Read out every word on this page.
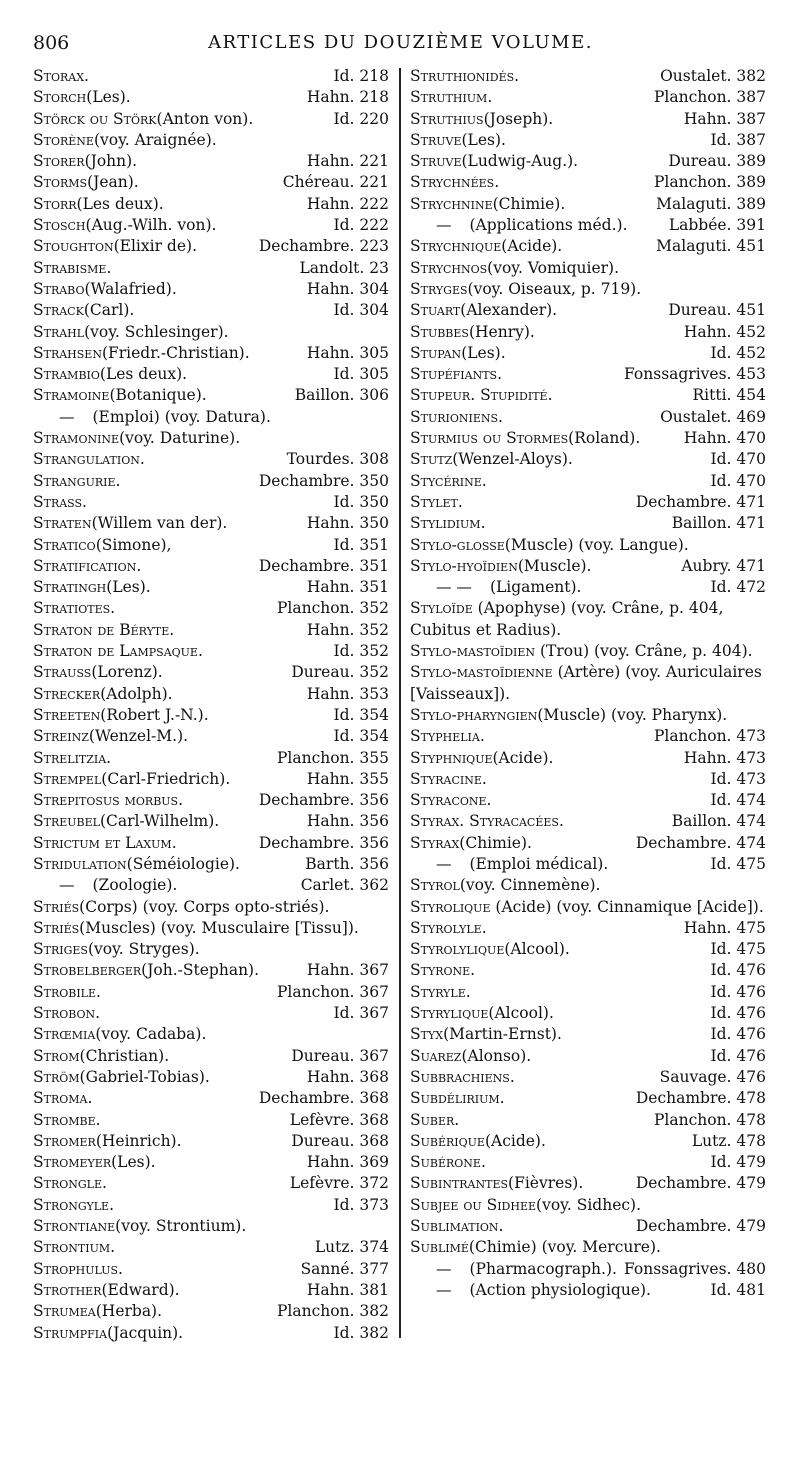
806	ARTICLES DU DOUZIÈME VOLUME.
Storax.	Id. 218
Storch (Les).	Hahn. 218
Störck ou Störk (Anton von).	Id. 220
Storène (voy. Araignée).
Storer (John).	Hahn. 221
Storms (Jean).	Chéreau. 221
Storr (Les deux).	Hahn. 222
Stosch (Aug.-Wilh. von).	Id. 222
Stoughton (Elixir de).	Dechambre. 223
Strabisme.	Landolt. 23
Strabo (Walafried).	Hahn. 304
Strack (Carl).	Id. 304
Strahl (voy. Schlesinger).
Strahsen (Friedr.-Christian).	Hahn. 305
Strambio (Les deux).	Id. 305
Stramoine (Botanique).	Baillon. 306
— (Emploi) (voy. Datura).
Stramonine (voy. Daturine).
Strangulation.	Tourdes. 308
Strangurie.	Dechambre. 350
Strass.	Id. 350
Straten (Willem van der).	Hahn. 350
Stratico (Simone),	Id. 351
Stratification.	Dechambre. 351
Stratingh (Les).	Hahn. 351
Stratiotes.	Planchon. 352
Straton de Bérytе.	Hahn. 352
Straton de Lampsaque.	Id. 352
Strauss (Lorenz).	Dureau. 352
Strecker (Adolph).	Hahn. 353
Streeten (Robert J.-N.).	Id. 354
Streinz (Wenzel-M.).	Id. 354
Strelitzia.	Planchon. 355
Strempel (Carl-Friedrich).	Hahn. 355
Strepitosus morbus.	Dechambre. 356
Streubel (Carl-Wilhelm).	Hahn. 356
Strictum et Laxum.	Dechambre. 356
Stridulation (Séméiologie).	Barth. 356
— (Zoologie).	Carlet. 362
Striés (Corps) (voy. Corps opto-striés).
Striés (Muscles) (voy. Musculaire [Tissu]).
Striges (voy. Stryges).
Strobelberger (Joh.-Stephan).	Hahn. 367
Strobile.	Planchon. 367
Strobon.	Id. 367
Strœmia (voy. Cadaba).
Strom (Christian).	Dureau. 367
Ström (Gabriel-Tobias).	Hahn. 368
Stroma.	Dechambre. 368
Strombe.	Lefèvre. 368
Stromer (Heinrich).	Dureau. 368
Stromeyer (Les).	Hahn. 369
Strongle.	Lefèvre. 372
Strongyle.	Id. 373
Strontiane (voy. Strontium).
Strontium.	Lutz. 374
Strophulus.	Sanné. 377
Strother (Edward).	Hahn. 381
Strumea (Herba).	Planchon. 382
Strumpfia (Jacquin).	Id. 382
Struthionidés.	Oustalet. 382
Struthium.	Planchon. 387
Struthius (Joseph).	Hahn. 387
Struve (Les).	Id. 387
Struve (Ludwig-Aug.).	Dureau. 389
Strychnées.	Planchon. 389
Strychnine (Chimie).	Malaguti. 389
— (Applications méd.).	Labbée. 391
Strychnique (Acide).	Malaguti. 451
Strychnos (voy. Vomiquier).
Stryges (voy. Oiseaux, p. 719).
Stuart (Alexander).	Dureau. 451
Stubbes (Henry).	Hahn. 452
Stupan (Les).	Id. 452
Stupéfiants.	Fonssagrives. 453
Stupeur. Stupidité.	Ritti. 454
Sturioniens.	Oustalet. 469
Sturmius ou Stormes (Roland).	Hahn. 470
Stutz (Wenzel-Aloys).	Id. 470
Stycérine.	Id. 470
Stylet.	Dechambre. 471
Stylidium.	Baillon. 471
Stylo-glosse (Muscle) (voy. Langue).
Stylo-hyoïdien (Muscle).	Aubry. 471
— — (Ligament).	Id. 472
Styloïde (Apophyse) (voy. Crâne, p. 404, Cubitus et Radius).
Stylo-mastoïdien (Trou) (voy. Crâne, p. 404).
Stylo-mastoïdienne (Artère) (voy. Auriculaires [Vaisseaux]).
Stylo-pharyngien (Muscle) (voy. Pharynx).
Styphelia.	Planchon. 473
Styphnique (Acide).	Hahn. 473
Styracine.	Id. 473
Styracone.	Id. 474
Styrax. Styracacées.	Baillon. 474
Styrax (Chimie).	Dechambre. 474
— (Emploi médical).	Id. 475
Styrol (voy. Cinnemène).
Styrolique (Acide) (voy. Cinnamique [Acide]).
Styrolyle.	Hahn. 475
Styrolylique (Alcool).	Id. 475
Styrone.	Id. 476
Styryle.	Id. 476
Styrylique (Alcool).	Id. 476
Styx (Martin-Ernst).	Id. 476
Suarez (Alonso).	Id. 476
Subbrachiens.	Sauvage. 476
Subdélirium.	Dechambre. 478
Suber.	Planchon. 478
Subérique (Acide).	Lutz. 478
Subérone.	Id. 479
Subintrantes (Fièvres).	Dechambre. 479
Subjee ou Sidhee (voy. Sidhec).
Sublimation.	Dechambre. 479
Sublimé (Chimie) (voy. Mercure).
— (Pharmacograph.). Fonssagrives. 480
— (Action physiologique).	Id. 481
